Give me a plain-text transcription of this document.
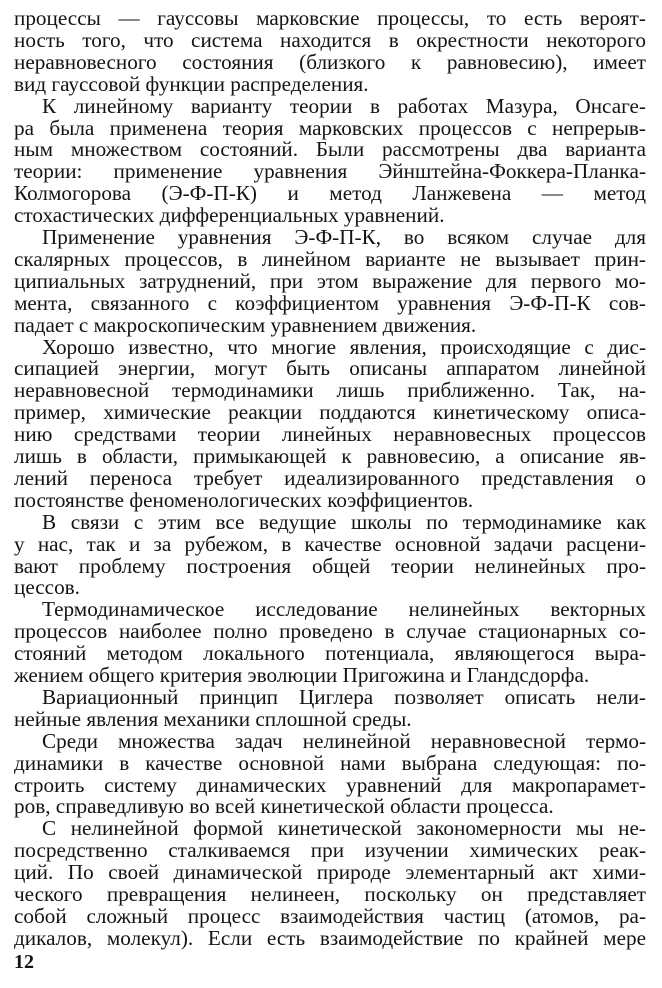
процессы — гауссовы марковские процессы, то есть вероят-
ность того, что система находится в окрестности некоторого
неравновесного состояния (близкого к равновесию), имеет
вид гауссовой функции распределения.
К линейному варианту теории в работах Мазура, Онсаге-
ра была применена теория марковских процессов с непрерыв-
ным множеством состояний. Были рассмотрены два варианта
теории: применение уравнения Эйнштейна-Фоккера-Планка-
Колмогорова (Э-Ф-П-К) и метод Ланжевена — метод
стохастических дифференциальных уравнений.
Применение уравнения Э-Ф-П-К, во всяком случае для
скалярных процессов, в линейном варианте не вызывает прин-
ципиальных затруднений, при этом выражение для первого мо-
мента, связанного с коэффициентом уравнения Э-Ф-П-К сов-
падает с макроскопическим уравнением движения.
Хорошо известно, что многие явления, происходящие с дис-
сипацией энергии, могут быть описаны аппаратом линейной
неравновесной термодинамики лишь приближенно. Так, на-
пример, химические реакции поддаются кинетическому описа-
нию средствами теории линейных неравновесных процессов
лишь в области, примыкающей к равновесию, а описание яв-
лений переноса требует идеализированного представления о
постоянстве феноменологических коэффициентов.
В связи с этим все ведущие школы по термодинамике как
у нас, так и за рубежом, в качестве основной задачи расцени-
вают проблему построения общей теории нелинейных про-
цессов.
Термодинамическое исследование нелинейных векторных
процессов наиболее полно проведено в случае стационарных со-
стояний методом локального потенциала, являющегося выра-
жением общего критерия эволюции Пригожина и Гландсдорфа.
Вариационный принцип Циглера позволяет описать нели-
нейные явления механики сплошной среды.
Среди множества задач нелинейной неравновесной термо-
динамики в качестве основной нами выбрана следующая: по-
строить систему динамических уравнений для макропарамет-
ров, справедливую во всей кинетической области процесса.
С нелинейной формой кинетической закономерности мы не-
посредственно сталкиваемся при изучении химических реак-
ций. По своей динамической природе элементарный акт хими-
ческого превращения нелинеен, поскольку он представляет
собой сложный процесс взаимодействия частиц (атомов, ра-
дикалов, молекул). Если есть взаимодействие по крайней мере
12
